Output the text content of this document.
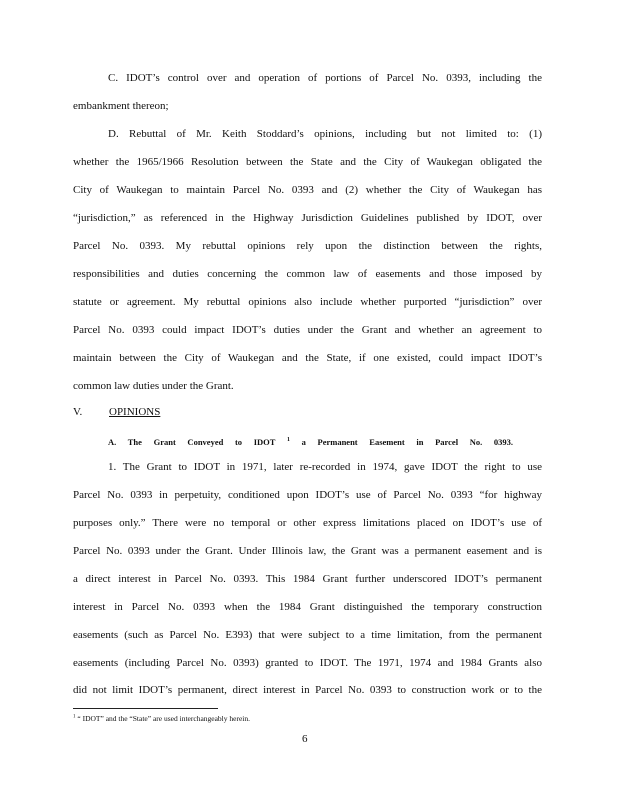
C. IDOT’s control over and operation of portions of Parcel No. 0393, including the
embankment thereon;
D. Rebuttal of Mr. Keith Stoddard’s opinions, including but not limited to: (1)
whether the 1965/1966 Resolution between the State and the City of Waukegan obligated the
City of Waukegan to maintain Parcel No. 0393 and (2) whether the City of Waukegan has
“jurisdiction,” as referenced in the Highway Jurisdiction Guidelines published by IDOT, over
Parcel No. 0393. My rebuttal opinions rely upon the distinction between the rights,
responsibilities and duties concerning the common law of easements and those imposed by
statute or agreement. My rebuttal opinions also include whether purported “jurisdiction” over
Parcel No. 0393 could impact IDOT’s duties under the Grant and whether an agreement to
maintain between the City of Waukegan and the State, if one existed, could impact IDOT’s
common law duties under the Grant.
V. OPINIONS
A. The Grant Conveyed to IDOT $^1$ a Permanent Easement in Parcel No. 0393.
1. The Grant to IDOT in 1971, later re-recorded in 1974, gave IDOT the right to use
Parcel No. 0393 in perpetuity, conditioned upon IDOT’s use of Parcel No. 0393 “for highway
purposes only.” There were no temporal or other express limitations placed on IDOT’s use of
Parcel No. 0393 under the Grant. Under Illinois law, the Grant was a permanent easement and is
a direct interest in Parcel No. 0393. This 1984 Grant further underscored IDOT’s permanent
interest in Parcel No. 0393 when the 1984 Grant distinguished the temporary construction
easements (such as Parcel No. E393) that were subject to a time limitation, from the permanent
easements (including Parcel No. 0393) granted to IDOT. The 1971, 1974 and 1984 Grants also
did not limit IDOT’s permanent, direct interest in Parcel No. 0393 to construction work or to the
$^1$ “ IDOT” and the “State” are used interchangeably herein.
6
